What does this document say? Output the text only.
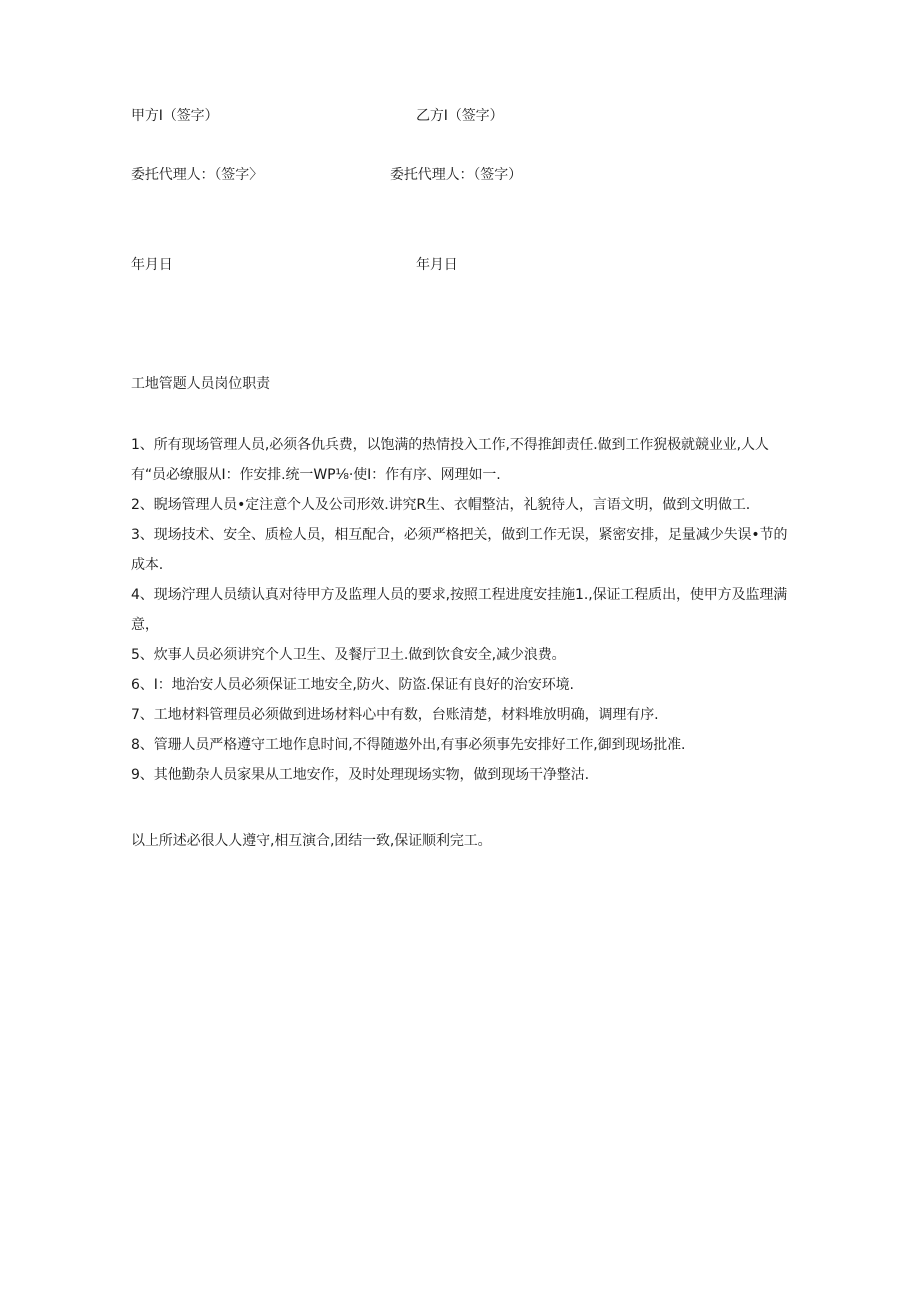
甲方I（签字）	乙方I（签字）
委托代理人：（签字〉	委托代理人：（签字）
年月日	年月日
工地管题人员岗位职责
1、所有现场管理人员,必须各仇兵费，以饱满的热情投入工作,不得推卸责任.做到工作猊极就競业业,人人有“员必缭服从I：作安排.统一WP⅛·使I：作有序、网理如一.
2、睨场管理人员•定注意个人及公司形效.讲究R生、衣帽整沽，礼貌待人，言语文明，做到文明做工.
3、现场技术、安全、质检人员，相互配合，必须严格把关，做到工作无误，紧密安排，足量减少失误•节的成本.
4、现场泞理人员绩认真对待甲方及监理人员的要求,按照工程进度安挂施1.,保证工程质出，使甲方及监理满意，
5、炊事人员必须讲究个人卫生、及餐厅卫土.做到饮食安全,减少浪费。
6、I：地治安人员必须保证工地安全,防火、防盗.保证有良好的治安环境.
7、工地材料管理员必须做到进场材料心中有数，台账清楚，材料堆放明确，调理有序.
8、管珊人员严格遵守工地作息时间,不得随遨外出,有事必须事先安排好工作,御到现场批准.
9、其他勤杂人员家果从工地安作，及时处理现场实物，做到现场干净整沽.
以上所述必很人人遵守,相互演合,团结一致,保证顺利完工。
